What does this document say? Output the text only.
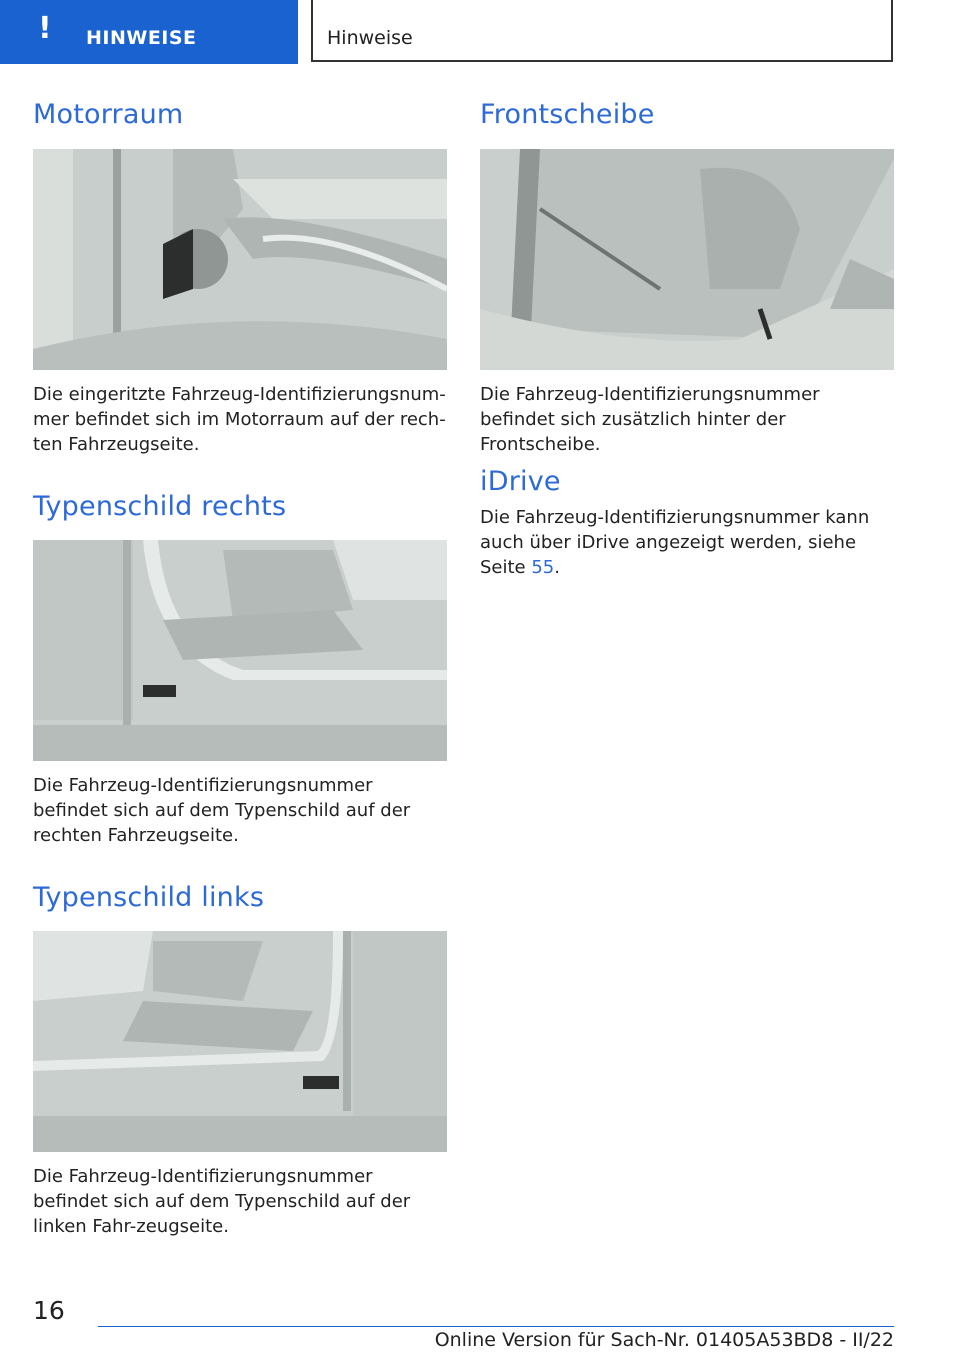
! HINWEISE	Hinweise
Motorraum

Die eingeritzte Fahrzeug-Identifizierungsnum-mer befindet sich im Motorraum auf der rech-ten Fahrzeugseite.

Typenschild rechts

Die Fahrzeug-Identifizierungsnummer befindet sich auf dem Typenschild auf der rechten Fahrzeugseite.

Typenschild links

Die Fahrzeug-Identifizierungsnummer befindet sich auf dem Typenschild auf der linken Fahr-zeugseite.

Frontscheibe

Die Fahrzeug-Identifizierungsnummer befindet sich zusätzlich hinter der Frontscheibe.

iDrive

Die Fahrzeug-Identifizierungsnummer kann auch über iDrive angezeigt werden, siehe Seite 55.

16
Online Version für Sach-Nr. 01405A53BD8 - II/22
